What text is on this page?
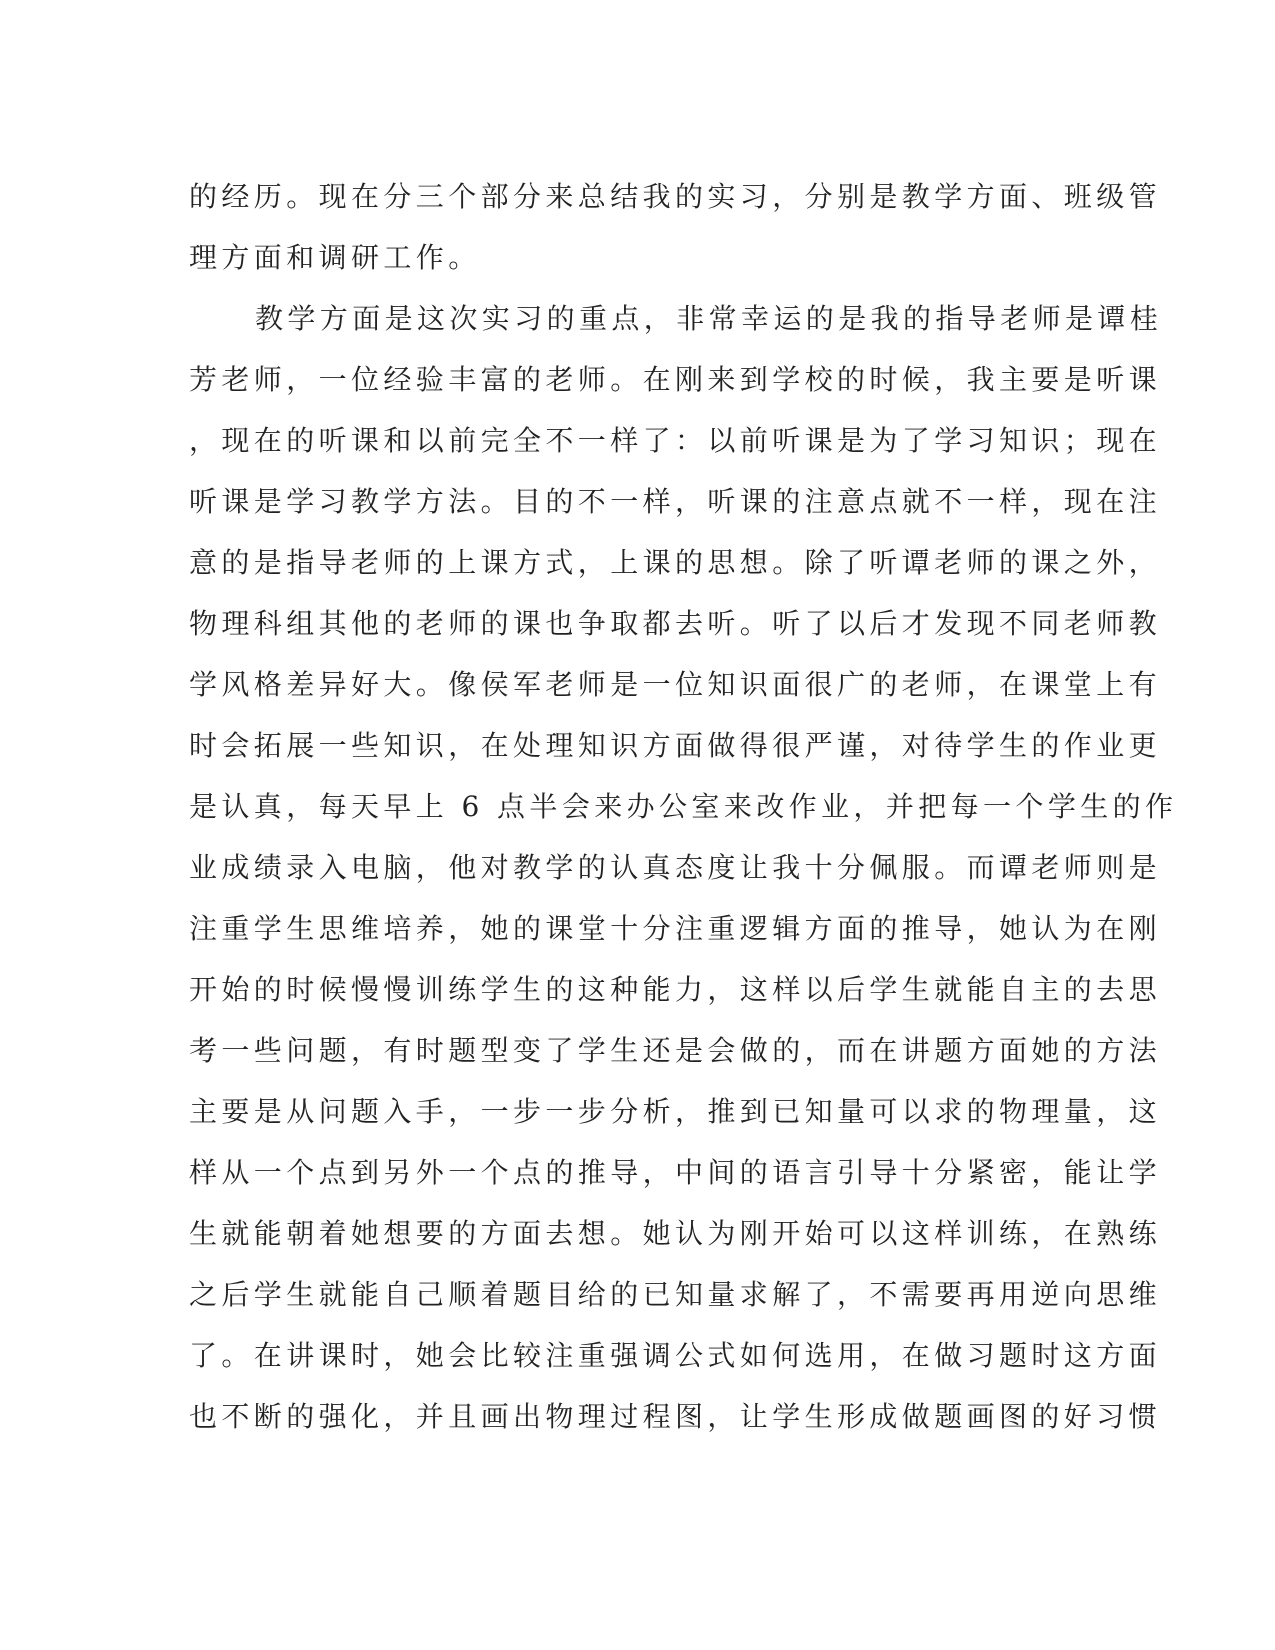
的经历。现在分三个部分来总结我的实习，分别是教学方面、班级管
理方面和调研工作。
教学方面是这次实习的重点，非常幸运的是我的指导老师是谭桂
芳老师，一位经验丰富的老师。在刚来到学校的时候，我主要是听课
，现在的听课和以前完全不一样了：以前听课是为了学习知识；现在
听课是学习教学方法。目的不一样，听课的注意点就不一样，现在注
意的是指导老师的上课方式，上课的思想。除了听谭老师的课之外，
物理科组其他的老师的课也争取都去听。听了以后才发现不同老师教
学风格差异好大。像侯军老师是一位知识面很广的老师，在课堂上有
时会拓展一些知识，在处理知识方面做得很严谨，对待学生的作业更
是认真，每天早上 6 点半会来办公室来改作业，并把每一个学生的作
业成绩录入电脑，他对教学的认真态度让我十分佩服。而谭老师则是
注重学生思维培养，她的课堂十分注重逻辑方面的推导，她认为在刚
开始的时候慢慢训练学生的这种能力，这样以后学生就能自主的去思
考一些问题，有时题型变了学生还是会做的，而在讲题方面她的方法
主要是从问题入手，一步一步分析，推到已知量可以求的物理量，这
样从一个点到另外一个点的推导，中间的语言引导十分紧密，能让学
生就能朝着她想要的方面去想。她认为刚开始可以这样训练，在熟练
之后学生就能自己顺着题目给的已知量求解了，不需要再用逆向思维
了。在讲课时，她会比较注重强调公式如何选用，在做习题时这方面
也不断的强化，并且画出物理过程图，让学生形成做题画图的好习惯
